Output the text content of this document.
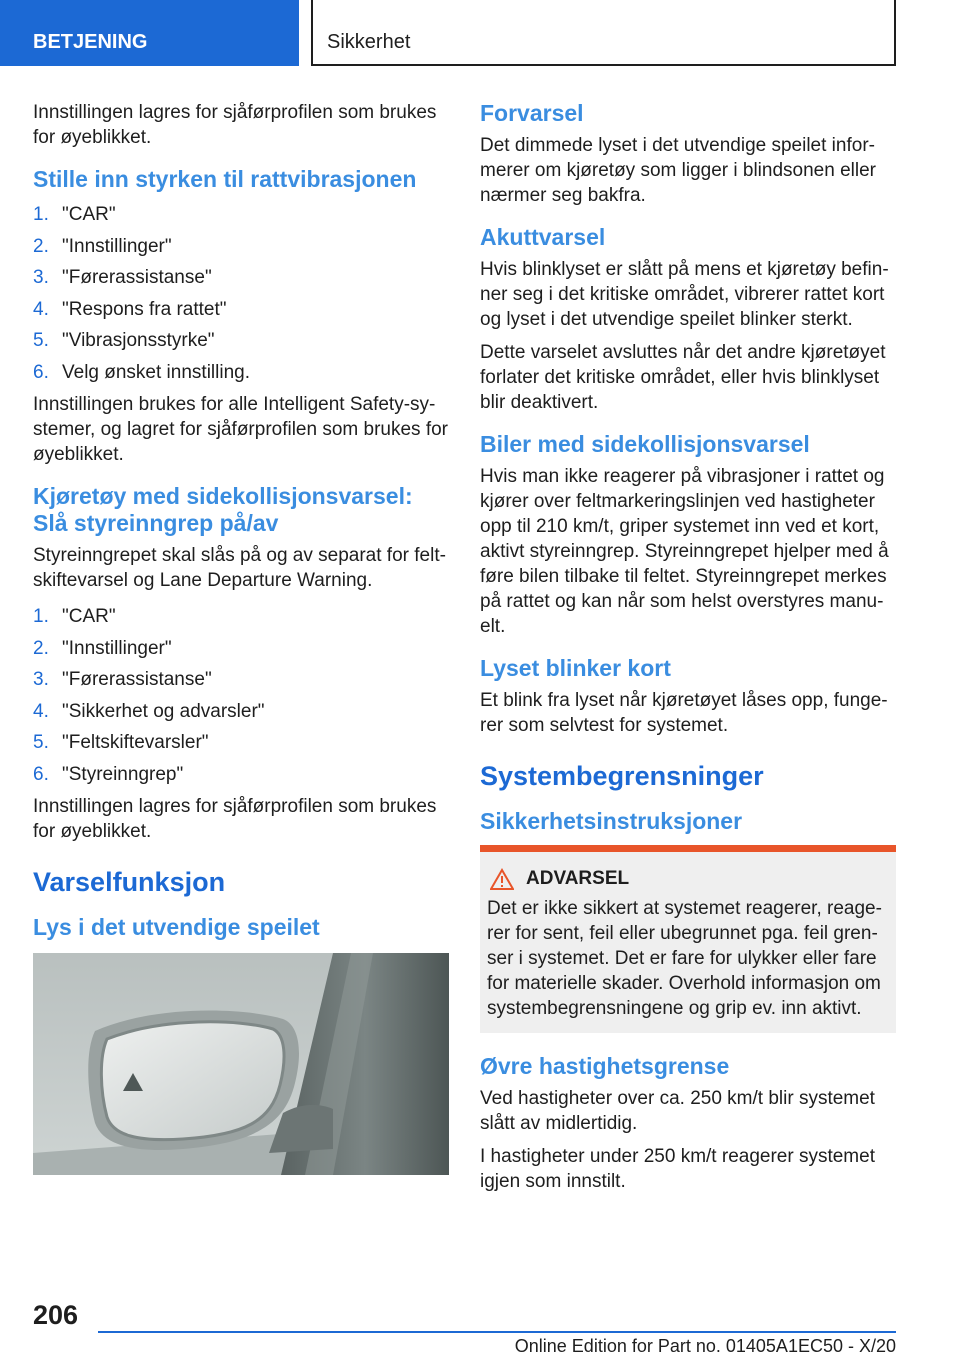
BETJENING	Sikkerhet

Innstillingen lagres for sjåførprofilen som brukes for øyeblikket.

Stille inn styrken til rattvibrasjonen
1. "CAR"
2. "Innstillinger"
3. "Førerassistanse"
4. "Respons fra rattet"
5. "Vibrasjonsstyrke"
6. Velg ønsket innstilling.

Innstillingen brukes for alle Intelligent Safety-systemer, og lagret for sjåførprofilen som brukes for øyeblikket.

Kjøretøy med sidekollisjonsvarsel: Slå styreinngrep på/av

Styreinngrepet skal slås på og av separat for feltskiftevarsel og Lane Departure Warning.

1. "CAR"
2. "Innstillinger"
3. "Førerassistanse"
4. "Sikkerhet og advarsler"
5. "Feltskiftevarsler"
6. "Styreinngrep"

Innstillingen lagres for sjåførprofilen som brukes for øyeblikket.

Varselfunksjon
Lys i det utvendige speilet
Forvarsel

Det dimmede lyset i det utvendige speilet informerer om kjøretøy som ligger i blindsonen eller nærmer seg bakfra.

Akuttvarsel

Hvis blinklyset er slått på mens et kjøretøy befinner seg i det kritiske området, vibrerer rattet kort og lyset i det utvendige speilet blinker sterkt.

Dette varselet avsluttes når det andre kjøretøyet forlater det kritiske området, eller hvis blinklyset blir deaktivert.

Biler med sidekollisjonsvarsel

Hvis man ikke reagerer på vibrasjoner i rattet og kjører over feltmarkeringslinjen ved hastigheter opp til 210 km/t, griper systemet inn ved et kort, aktivt styreinngrep. Styreinngrepet hjelper med å føre bilen tilbake til feltet. Styreinngrepet merkes på rattet og kan når som helst overstyres manuelt.

Lyset blinker kort

Et blink fra lyset når kjøretøyet låses opp, fungerer som selvtest for systemet.

Systembegrensninger
Sikkerhetsinstruksjoner
ADVARSEL

Det er ikke sikkert at systemet reagerer, reagerer for sent, feil eller ubegrunnet pga. feil grenser i systemet. Det er fare for ulykker eller fare for materielle skader. Overhold informasjon om systembegrensningene og grip ev. inn aktivt.

Øvre hastighetsgrense

Ved hastigheter over ca. 250 km/t blir systemet slått av midlertidig.

I hastigheter under 250 km/t reagerer systemet igjen som innstilt.

206
Online Edition for Part no. 01405A1EC50 - X/20
